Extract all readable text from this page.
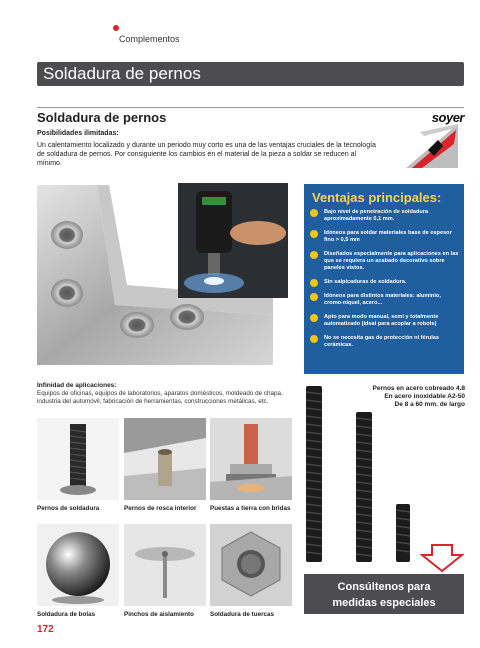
Complementos
Soldadura de pernos
Soldadura de pernos	soyer
Posibilidades ilimitadas:
Un calentamiento localizado y durante un periodo muy corto es una de las ventajas cruciales de la tecnología de soldadura de pernos. Por consiguiente los cambios en el material de la pieza a soldar se reducen al mínimo.
Ventajas principales:
Bajo nivel de penetración de soldadura aproximadamente 0,1 mm.
Idóneos para soldar materiales base de espesor fino > 0,5 mm
Diseñados especialmente para aplicaciones en las que se requiera un acabado decorativo sobre paneles vistos.
Sin salpicaduras de soldadura.
Idóneos para distintos materiales: aluminio, cromo-níquel, acero...
Apto para modo manual, semi y totalmente automatizado (ideal para acoplar a robots)
No se necesita gas de protección ni férulas cerámicas.
Infinidad de aplicaciones:
Equipos de oficinas, equipos de laboratorios, aparatos domésticos, moldeado de chapa, industria del automóvil, fabricación de herramientas, construcciones metálicas, etc.
Pernos de soldadura	Pernos de rosca interior Puestas a tierra con bridas
Soldadura de bolas	Pinchos de aislamiento	Soldadura de tuercas
Pernos en acero cobreado 4.8
En acero inoxidable A2-50
De 8 a 60 mm. de largo
Consúltenos para
medidas especiales
172
